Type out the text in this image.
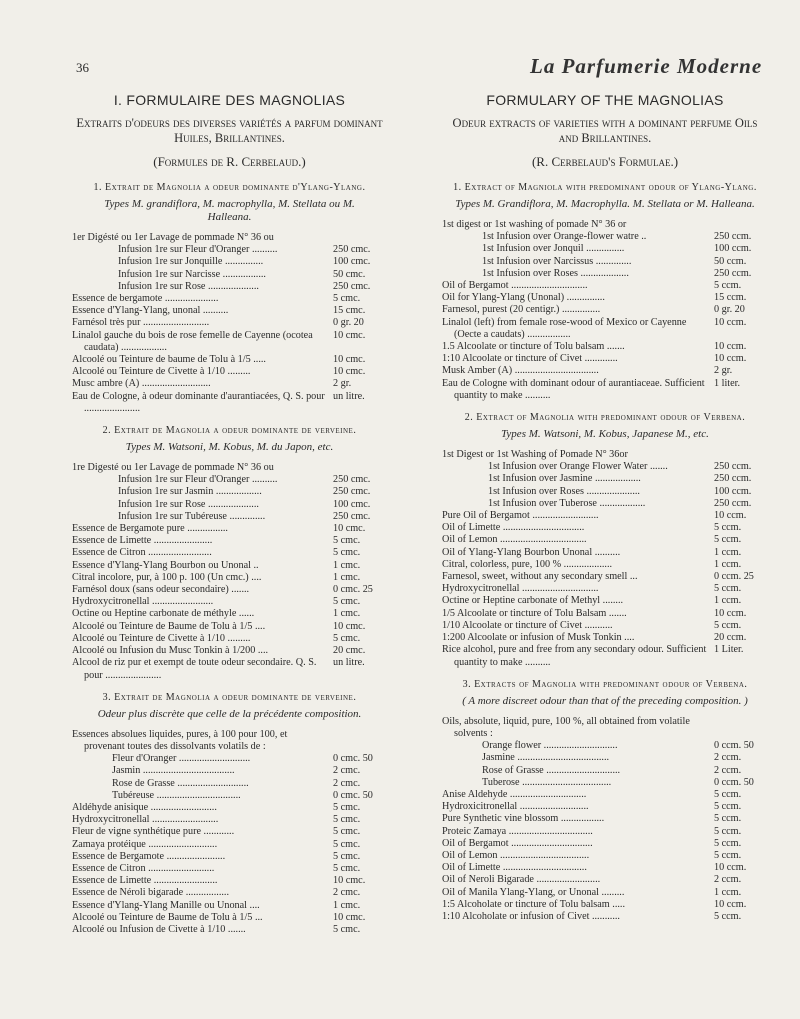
36	La Parfumerie Moderne
I. FORMULAIRE DES MAGNOLIAS
Extraits d'odeurs des diverses variétés a parfum dominant Huiles, Brillantines.
(Formules de R. Cerbelaud.)
1. Extrait de Magnolia a odeur dominante d'Ylang-Ylang.
Types M. grandiflora, M. macrophylla, M. Stellata ou M. Halleana.
1er Digésté ou 1er Lavage de pommade N° 36 ou
Infusion 1re sur Fleur d'Oranger ..........	250 cmc.
Infusion 1re sur Jonquille ...............	100 cmc.
Infusion 1re sur Narcisse .................	50 cmc.
Infusion 1re sur Rose ....................	250 cmc.
Essence de bergamote .....................	5 cmc.
Essence d'Ylang-Ylang, unonal ..........	15 cmc.
Farnésol très pur ..........................	0 gr. 20
Linalol gauche du bois de rose femelle de Cayenne (ocotea caudata) ..................
10 cmc.
Alcoolé ou Teinture de baume de Tolu à 1/5 .....	10 cmc.
Alcoolé ou Teinture de Civette à 1/10 .........	10 cmc.
Musc ambre (A) ...........................	2 gr.
Eau de Cologne, à odeur dominante d'aurantiacées, Q. S. pour ......................
un litre.
2. Extrait de Magnolia a odeur dominante de verveine.
Types M. Watsoni, M. Kobus, M. du Japon, etc.
1re Digesté ou 1er Lavage de pommade N° 36 ou
Infusion 1re sur Fleur d'Oranger ..........	250 cmc.
Infusion 1re sur Jasmin ..................	250 cmc.
Infusion 1re sur Rose ....................	100 cmc.
Infusion 1re sur Tubéreuse ..............	250 cmc.
Essence de Bergamote pure ................	10 cmc.
Essence de Limette .......................	5 cmc.
Essence de Citron .........................	5 cmc.
Essence d'Ylang-Ylang Bourbon ou Unonal ..	1 cmc.
Citral incolore, pur, à 100 p. 100 (Un cmc.) ....	1 cmc.
Farnésol doux (sans odeur secondaire) .......	0 cmc. 25
Hydroxycitronellal ........................	5 cmc.
Octine ou Heptine carbonate de méthyle ......	1 cmc.
Alcoolé ou Teinture de Baume de Tolu à 1/5 ....	10 cmc.
Alcoolé ou Teinture de Civette à 1/10 .........	5 cmc.
Alcoolé ou Infusion du Musc Tonkin à 1/200 ....	20 cmc.
Alcool de riz pur et exempt de toute odeur secondaire. Q. S. pour ......................
un litre.
3. Extrait de Magnolia a odeur dominante de verveine.
Odeur plus discrète que celle de la précédente composition.
Essences absolues liquides, pures, à 100 pour 100, et provenant toutes des dissolvants volatils de :
Fleur d'Oranger ............................	0 cmc. 50
Jasmin ....................................	2 cmc.
Rose de Grasse ............................	2 cmc.
Tubéreuse .................................	0 cmc. 50
Aldéhyde anisique ..........................	5 cmc.
Hydroxycitronellal ..........................	5 cmc.
Fleur de vigne synthétique pure ............	5 cmc.
Zamaya protéique ...........................	5 cmc.
Essence de Bergamote .......................	5 cmc.
Essence de Citron ..........................	5 cmc.
Essence de Limette .........................	10 cmc.
Essence de Néroli bigarade .................	2 cmc.
Essence d'Ylang-Ylang Manille ou Unonal ....	1 cmc.
Alcoolé ou Teinture de Baume de Tolu à 1/5 ...	10 cmc.
Alcoolé ou Infusion de Civette à 1/10 .......	5 cmc.
FORMULARY OF THE MAGNOLIAS
Odeur extracts of varieties with a dominant perfume Oils and Brillantines.
(R. Cerbelaud's Formulae.)
1. Extract of Magniola with predominant odour of Ylang-Ylang.
Types M. Grandiflora, M. Macrophylla. M. Stellata or M. Halleana.
1st digest or 1st washing of pomade N° 36 or
1st Infusion over Orange-flower watre ..	250 ccm.
1st Infusion over Jonquil ...............	100 ccm.
1st Infusion over Narcissus ..............	50 ccm.
1st Infusion over Roses ...................	250 ccm.
Oil of Bergamot ..............................	5 ccm.
Oil for Ylang-Ylang (Unonal) ...............	15 ccm.
Farnesol, purest (20 centigr.) ...............	0 gr. 20
Linalol (left) from female rose-wood of Mexico or Cayenne (Oecte a caudats) .................
10 ccm.
1.5 Alcoolate or tincture of Tolu balsam .......	10 ccm.
1:10 Alcoolate or tincture of Civet .............	10 ccm.
Musk Amber (A) .................................	2 gr.
Eau de Cologne with dominant odour of aurantiaceae. Sufficient quantity to make ..........
1 liter.
2. Extract of Magnolia with predominant odour of Verbena.
Types M. Watsoni, M. Kobus, Japanese M., etc.
1st Digest or 1st Washing of Pomade N° 36or
1st Infusion over Orange Flower Water .......	250 ccm.
1st Infusion over Jasmine ..................	250 ccm.
1st Infusion over Roses .....................	100 ccm.
1st Infusion over Tuberose ..................	250 ccm.
Pure Oil of Bergamot ..........................	10 ccm.
Oil of Limette ................................	5 ccm.
Oil of Lemon ..................................	5 ccm.
Oil of Ylang-Ylang Bourbon Unonal ..........	1 ccm.
Citral, colorless, pure, 100 % ...................	1 ccm.
Farnesol, sweet, without any secondary smell ...	0 ccm. 25
Hydroxycitronellal ..............................	5 ccm.
Octine or Heptine carbonate of Methyl ........	1 ccm.
1/5 Alcoolate or tincture of Tolu Balsam .......	10 ccm.
1/10 Alcoolate or tincture of Civet ...........	5 ccm.
1:200 Alcoolate or infusion of Musk Tonkin ....	20 ccm.
Rice alcohol, pure and free from any secondary odour. Sufficient quantity to make ..........
1 Liter.
3. Extracts of Magnolia with predominant odour of Verbena.
( A more discreet odour than that of the preceding composition. )
Oils, absolute, liquid, pure, 100 %, all obtained from volatile solvents :
Orange flower .............................	0 ccm. 50
Jasmine ....................................	2 ccm.
Rose of Grasse .............................	2 ccm.
Tuberose ...................................	0 ccm. 50
Anise Aldehyde ..............................	5 ccm.
Hydroxicitronellal ...........................	5 ccm.
Pure Synthetic vine blossom .................	5 ccm.
Proteic Zamaya .................................	5 ccm.
Oil of Bergamot ................................	5 ccm.
Oil of Lemon ...................................	5 ccm.
Oil of Limette .................................	10 ccm.
Oil of Neroli Bigarade .........................	2 ccm.
Oil of Manila Ylang-Ylang, or Unonal .........	1 ccm.
1:5 Alcoholate or tincture of Tolu balsam .....	10 ccm.
1:10 Alcoholate or infusion of Civet ...........	5 ccm.
